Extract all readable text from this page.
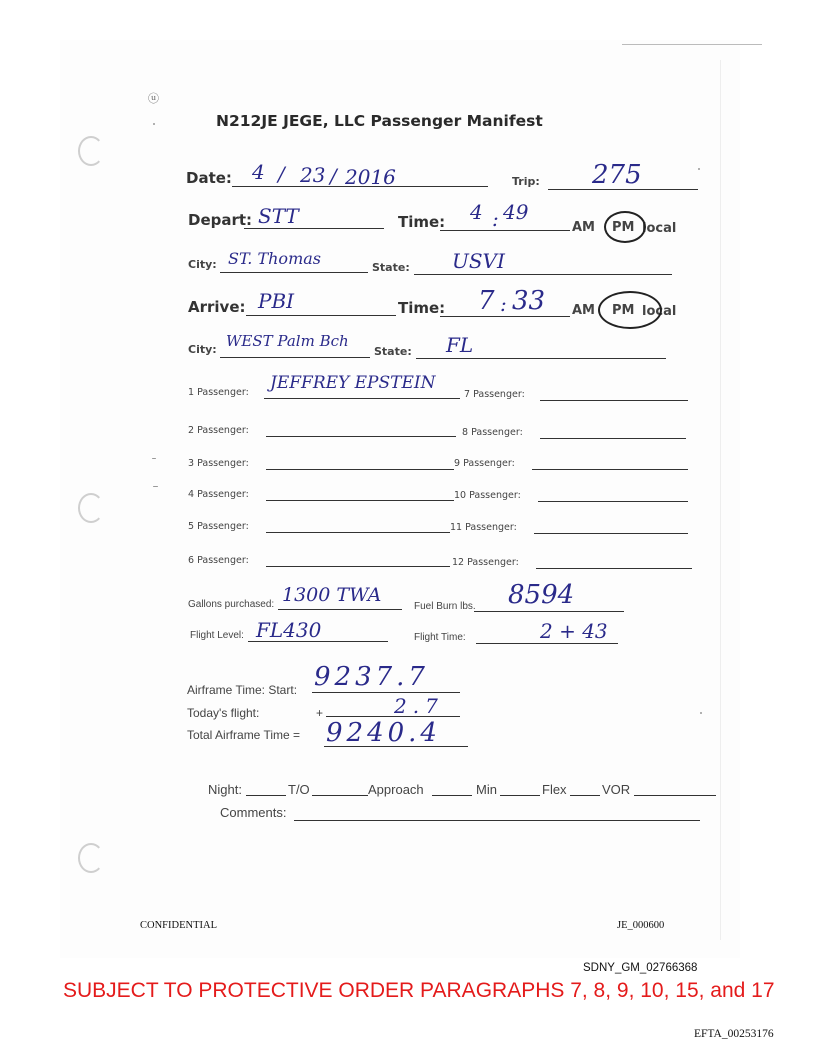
ⓤ
N212JE JEGE, LLC Passenger Manifest
Date: 4 / 23 / 2016	Trip: 275
Depart: STT	Time: 4 : 49
AM PM local
City: ST. Thomas	State: USVI
Arrive: PBI	Time: 7 : 33 AM PM local
City: WEST Palm Bch
State: FL
1 Passenger: JEFFREY EPSTEIN
2 Passenger:
3 Passenger:
4 Passenger:
5 Passenger:
6 Passenger:
7 Passenger:
8 Passenger:
9 Passenger:
10 Passenger:
11 Passenger:
12 Passenger:
Gallons purchased: 1300 TWA
Fuel Burn lbs. 8594
Flight Level: FL430	Flight Time:	2 + 43
Airframe Time: Start: 9237.7
Today's flight:	+	2.7
Total Airframe Time = 9240.4
Night:	T/O	Approach	Min	Flex	VOR
Comments:
CONFIDENTIAL	JE_000600
SDNY_GM_02766368
SUBJECT TO PROTECTIVE ORDER PARAGRAPHS 7, 8, 9, 10, 15, and 17
EFTA_00253176
